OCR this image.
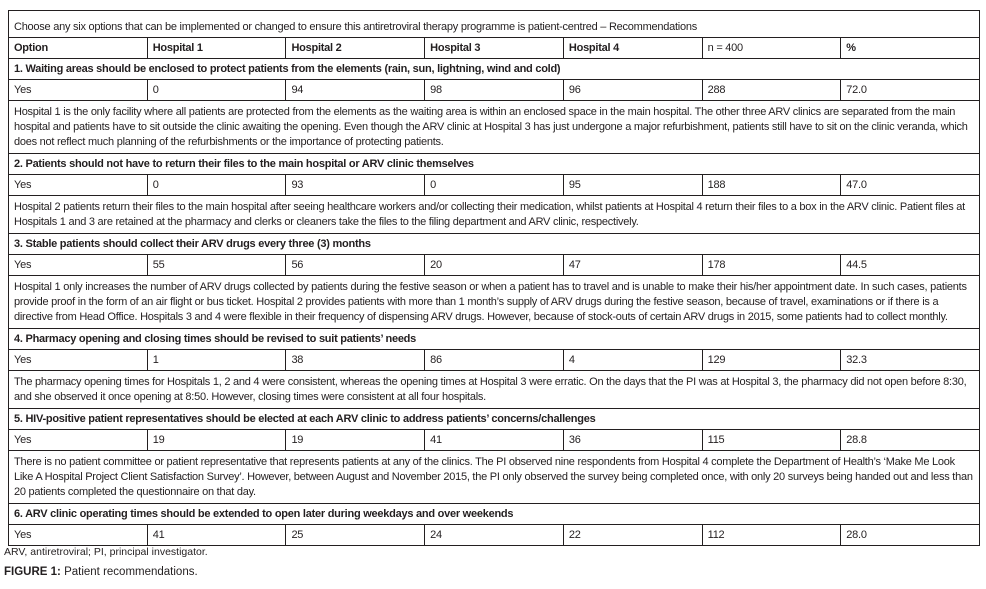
Choose any six options that can be implemented or changed to ensure this antiretroviral therapy programme is patient-centred – Recommendations						
Option	Hospital 1	Hospital 2	Hospital 3	Hospital 4	n = 400	%
1. Waiting areas should be enclosed to protect patients from the elements (rain, sun, lightning, wind and cold)						
Yes	0	94	98	96	288	72.0
Hospital 1 is the only facility where all patients are protected from the elements as the waiting area is within an enclosed space in the main hospital. The other three ARV clinics are separated from the main hospital and patients have to sit outside the clinic awaiting the opening. Even though the ARV clinic at Hospital 3 has just undergone a major refurbishment, patients still have to sit on the clinic veranda, which does not reflect much planning of the refurbishments or the importance of protecting patients.						
2. Patients should not have to return their files to the main hospital or ARV clinic themselves						
Yes	0	93	0	95	188	47.0
Hospital 2 patients return their files to the main hospital after seeing healthcare workers and/or collecting their medication, whilst patients at Hospital 4 return their files to a box in the ARV clinic. Patient files at Hospitals 1 and 3 are retained at the pharmacy and clerks or cleaners take the files to the filing department and ARV clinic, respectively.						
3. Stable patients should collect their ARV drugs every three (3) months						
Yes	55	56	20	47	178	44.5
Hospital 1 only increases the number of ARV drugs collected by patients during the festive season or when a patient has to travel and is unable to make their his/her appointment date. In such cases, patients provide proof in the form of an air flight or bus ticket. Hospital 2 provides patients with more than 1 month’s supply of ARV drugs during the festive season, because of travel, examinations or if there is a directive from Head Office. Hospitals 3 and 4 were flexible in their frequency of dispensing ARV drugs. However, because of stock-outs of certain ARV drugs in 2015, some patients had to collect monthly.						
4. Pharmacy opening and closing times should be revised to suit patients’ needs						
Yes	1	38	86	4	129	32.3
The pharmacy opening times for Hospitals 1, 2 and 4 were consistent, whereas the opening times at Hospital 3 were erratic. On the days that the PI was at Hospital 3, the pharmacy did not open before 8:30, and she observed it once opening at 8:50. However, closing times were consistent at all four hospitals.						
5. HIV-positive patient representatives should be elected at each ARV clinic to address patients’ concerns/challenges						
Yes	19	19	41	36	115	28.8
There is no patient committee or patient representative that represents patients at any of the clinics. The PI observed nine respondents from Hospital 4 complete the Department of Health’s ‘Make Me Look Like A Hospital Project Client Satisfaction Survey’. However, between August and November 2015, the PI only observed the survey being completed once, with only 20 surveys being handed out and less than 20 patients completed the questionnaire on that day.						
6. ARV clinic operating times should be extended to open later during weekdays and over weekends						
Yes	41	25	24	22	112	28.0
ARV, antiretroviral; PI, principal investigator.
FIGURE 1: Patient recommendations.
